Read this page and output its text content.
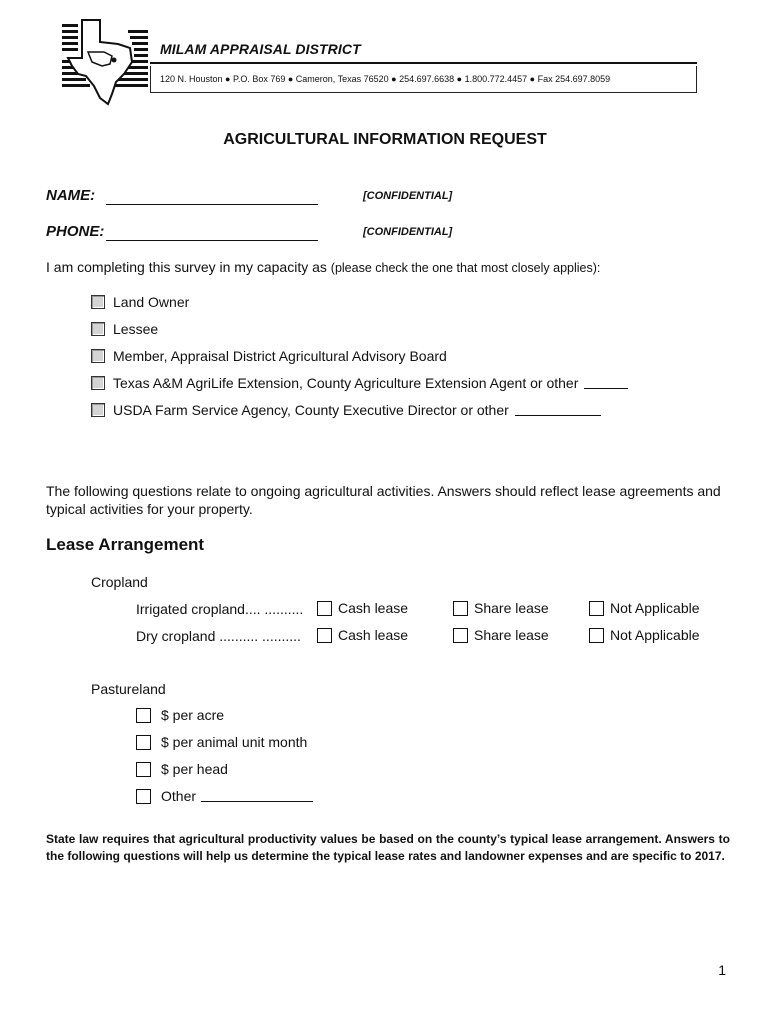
MILAM APPRAISAL DISTRICT
120 N. Houston ● P.O. Box 769 ● Cameron, Texas 76520 ● 254.697.6638 ● 1.800.772.4457 ● Fax 254.697.8059
AGRICULTURAL INFORMATION REQUEST
NAME:	[CONFIDENTIAL]
PHONE:	[CONFIDENTIAL]
I am completing this survey in my capacity as (please check the one that most closely applies):
Land Owner
Lessee
Member, Appraisal District Agricultural Advisory Board
Texas A&M AgriLife Extension, County Agriculture Extension Agent or other
USDA Farm Service Agency, County Executive Director or other
The following questions relate to ongoing agricultural activities. Answers should reflect lease agreements and typical activities for your property.
Lease Arrangement
Cropland
Irrigated cropland.... .......... Cash lease	Share lease	Not Applicable
Dry cropland .......... ..........	Cash lease	Share lease	Not Applicable
Pastureland
$ per acre
$ per animal unit month
$ per head
Other
State law requires that agricultural productivity values be based on the county’s typical lease arrangement. Answers to the following questions will help us determine the typical lease rates and landowner expenses and are specific to 2017.
1
